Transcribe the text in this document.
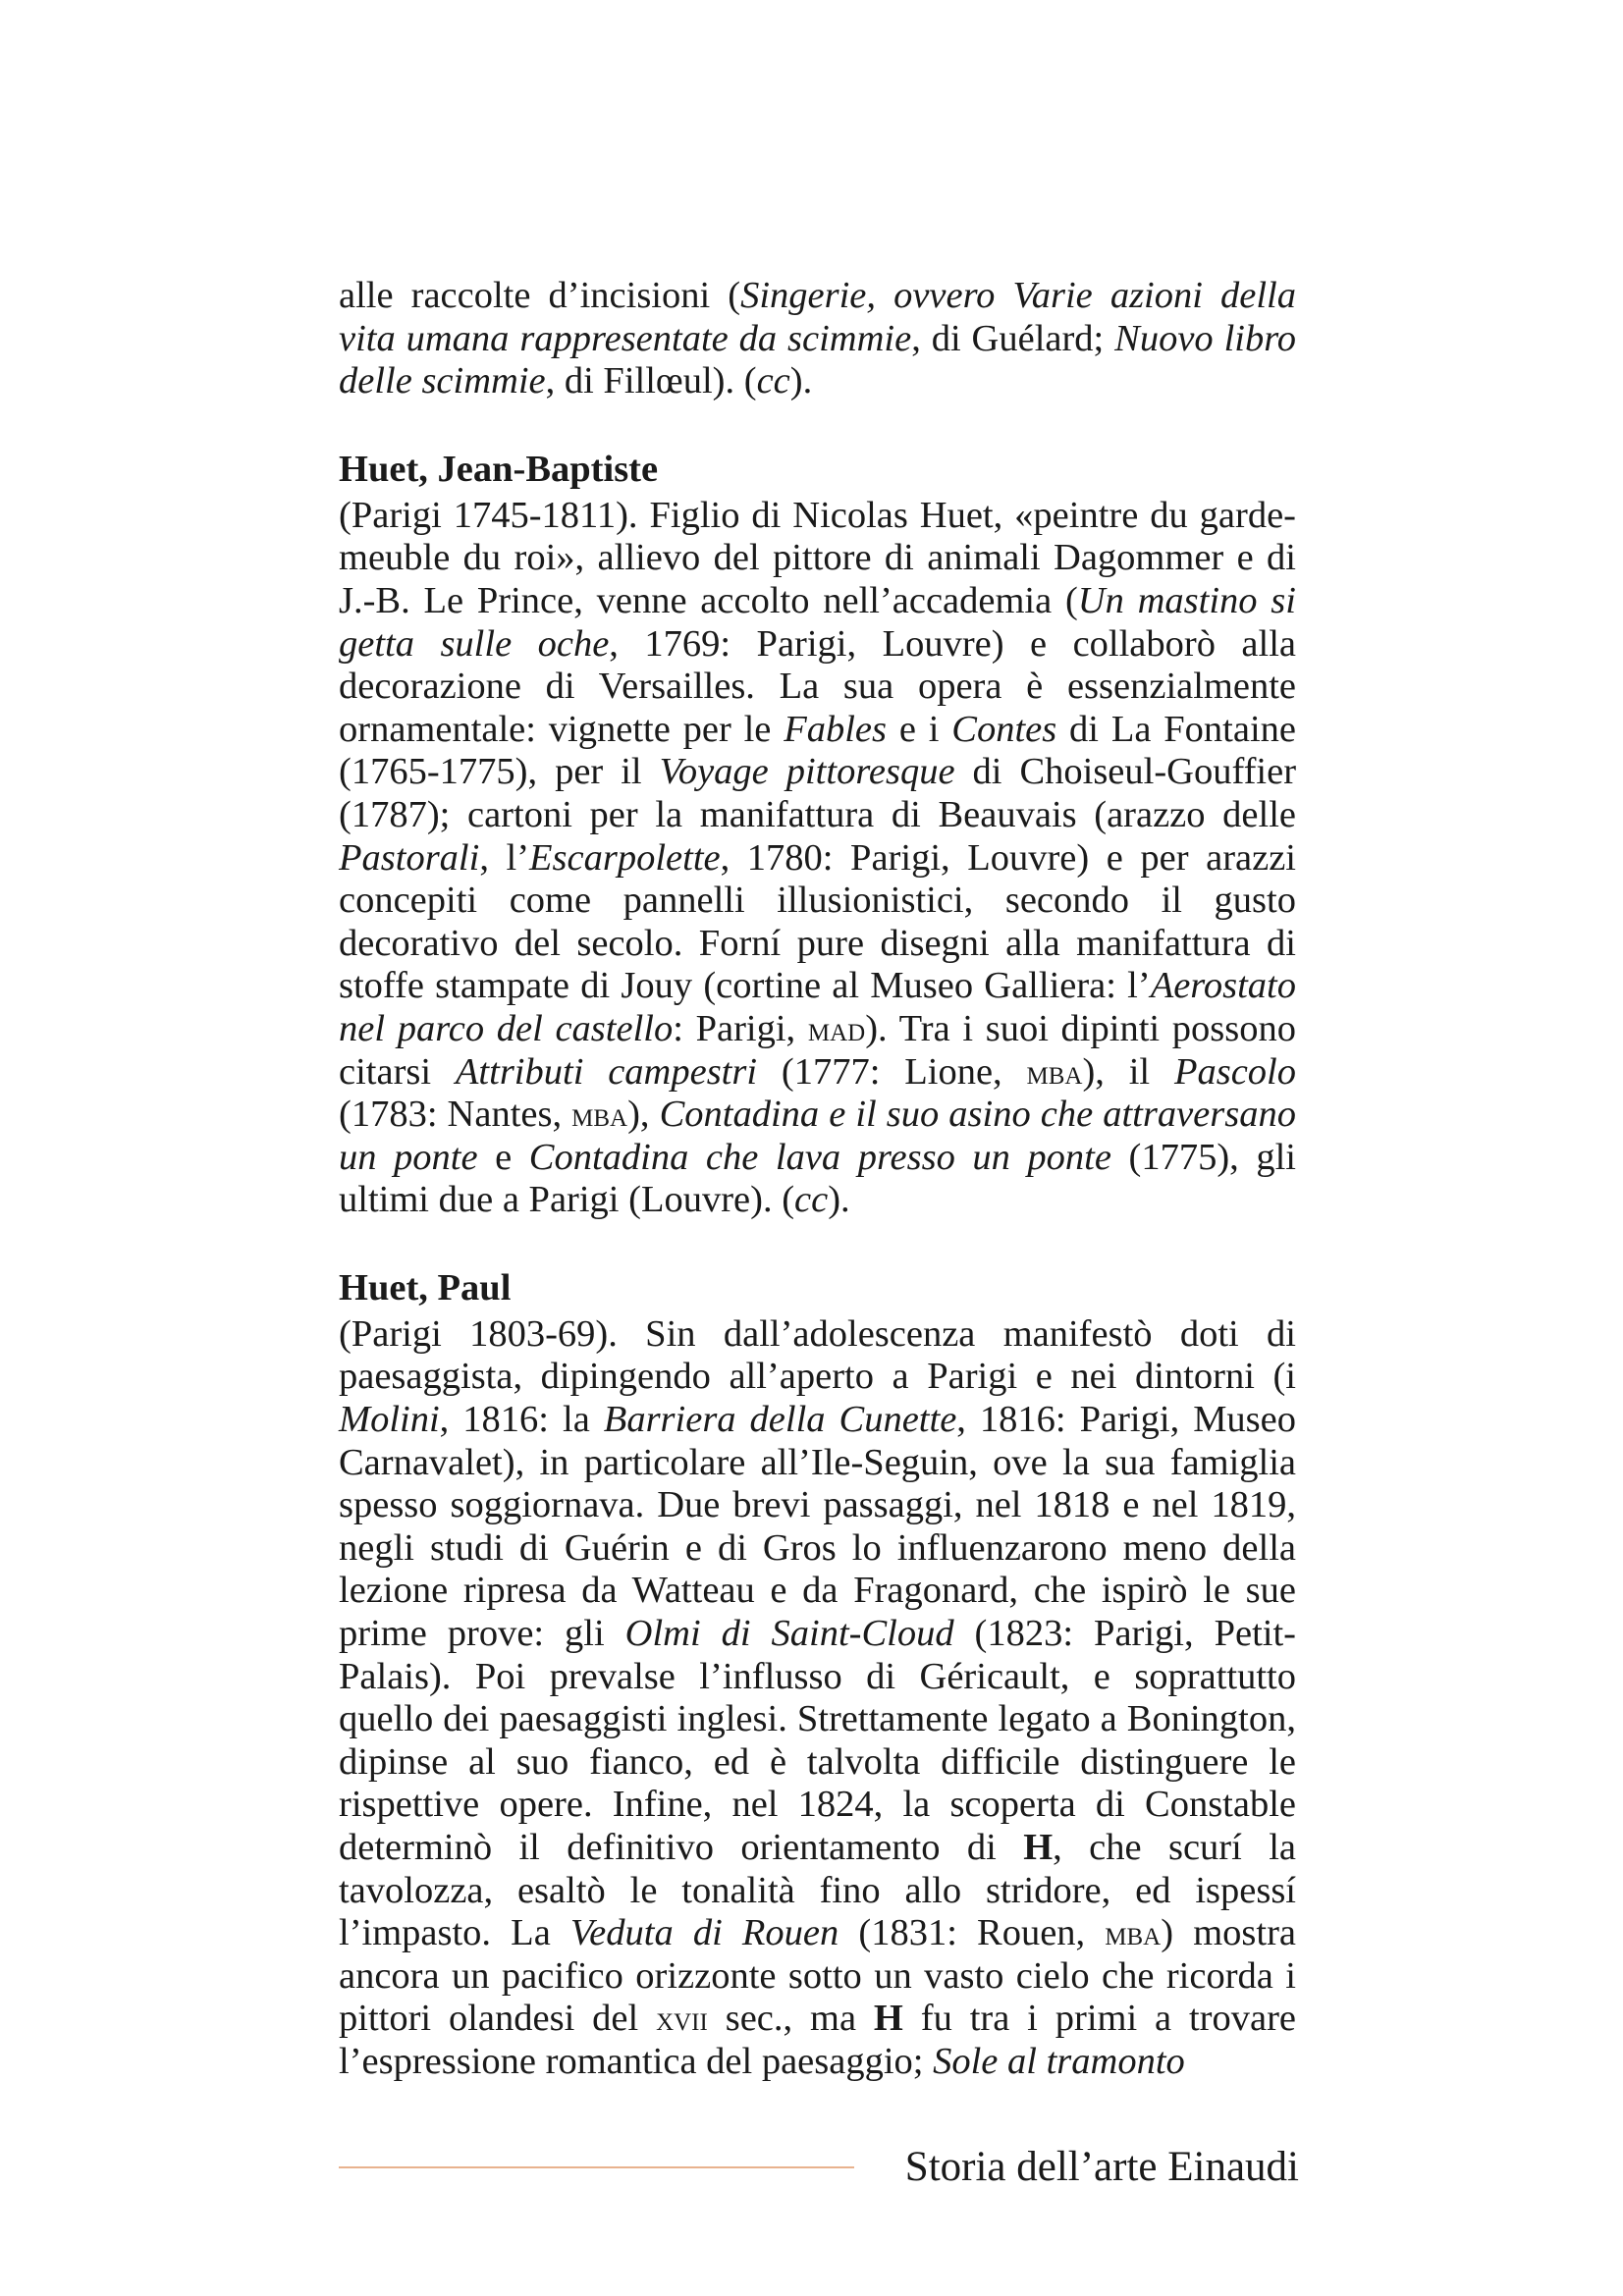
alle raccolte d’incisioni (Singerie, ovvero Varie azioni della vita umana rappresentate da scimmie, di Guélard; Nuovo libro delle scimmie, di Fillœul). (cc).

Huet, Jean-Baptiste

(Parigi 1745-1811). Figlio di Nicolas Huet, «peintre du garde-meuble du roi», allievo del pittore di animali Dagommer e di J.-B. Le Prince, venne accolto nell’accademia (Un mastino si getta sulle oche, 1769: Parigi, Louvre) e collaborò alla decorazione di Versailles. La sua opera è essenzialmente ornamentale: vignette per le Fables e i Contes di La Fontaine (1765-1775), per il Voyage pittoresque di Choiseul-Gouffier (1787); cartoni per la manifattura di Beauvais (arazzo delle Pastorali, l’Escarpolette, 1780: Parigi, Louvre) e per arazzi concepiti come pannelli illusionistici, secondo il gusto decorativo del secolo. Forní pure disegni alla manifattura di stoffe stampate di Jouy (cortine al Museo Galliera: l’Aerostato nel parco del castello: Parigi, mad). Tra i suoi dipinti possono citarsi Attributi campestri (1777: Lione, mba), il Pascolo (1783: Nantes, mba), Contadina e il suo asino che attraversano un ponte e Contadina che lava presso un ponte (1775), gli ultimi due a Parigi (Louvre). (cc).

Huet, Paul

(Parigi 1803-69). Sin dall’adolescenza manifestò doti di paesaggista, dipingendo all’aperto a Parigi e nei dintorni (i Molini, 1816: la Barriera della Cunette, 1816: Parigi, Museo Carnavalet), in particolare all’Ile-Seguin, ove la sua famiglia spesso soggiornava. Due brevi passaggi, nel 1818 e nel 1819, negli studi di Guérin e di Gros lo influenzarono meno della lezione ripresa da Watteau e da Fragonard, che ispirò le sue prime prove: gli Olmi di Saint-Cloud (1823: Parigi, Petit-Palais). Poi prevalse l’influsso di Géricault, e soprattutto quello dei paesaggisti inglesi. Strettamente legato a Bonington, dipinse al suo fianco, ed è talvolta difficile distinguere le rispettive opere. Infine, nel 1824, la scoperta di Constable determinò il definitivo orientamento di H, che scurí la tavolozza, esaltò le tonalità fino allo stridore, ed ispessí l’impasto. La Veduta di Rouen (1831: Rouen, mba) mostra ancora un pacifico orizzonte sotto un vasto cielo che ricorda i pittori olandesi del xvii sec., ma H fu tra i primi a trovare l’espressione romantica del paesaggio; Sole al tramonto

Storia dell’arte Einaudi
